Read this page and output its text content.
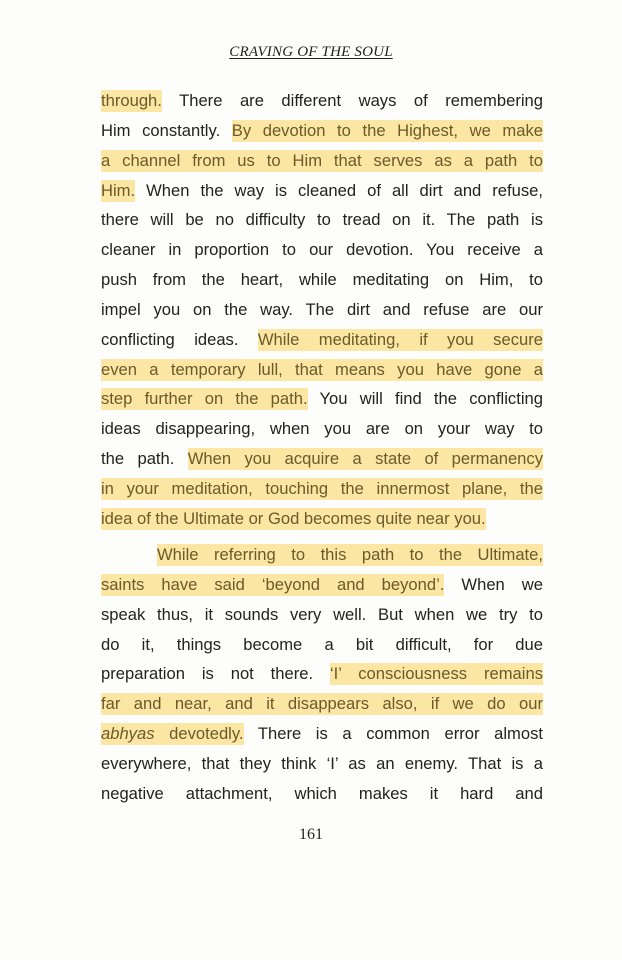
CRAVING OF THE SOUL
through. There are different ways of remembering
Him constantly. By devotion to the Highest, we make
a channel from us to Him that serves as a path to
Him. When the way is cleaned of all dirt and refuse,
there will be no difficulty to tread on it. The path is
cleaner in proportion to our devotion. You receive a
push from the heart, while meditating on Him, to
impel you on the way. The dirt and refuse are our
conflicting ideas. While meditating, if you secure
even a temporary lull, that means you have gone a
step further on the path. You will find the conflicting
ideas disappearing, when you are on your way to
the path. When you acquire a state of permanency
in your meditation, touching the innermost plane, the
idea of the Ultimate or God becomes quite near you.
While referring to this path to the Ultimate,
saints have said ‘beyond and beyond’. When we
speak thus, it sounds very well. But when we try to
do it, things become a bit difficult, for due
preparation is not there. ‘I’ consciousness remains
far and near, and it disappears also, if we do our
abhyas devotedly. There is a common error almost
everywhere, that they think ‘I’ as an enemy. That is a
negative attachment, which makes it hard and
161
